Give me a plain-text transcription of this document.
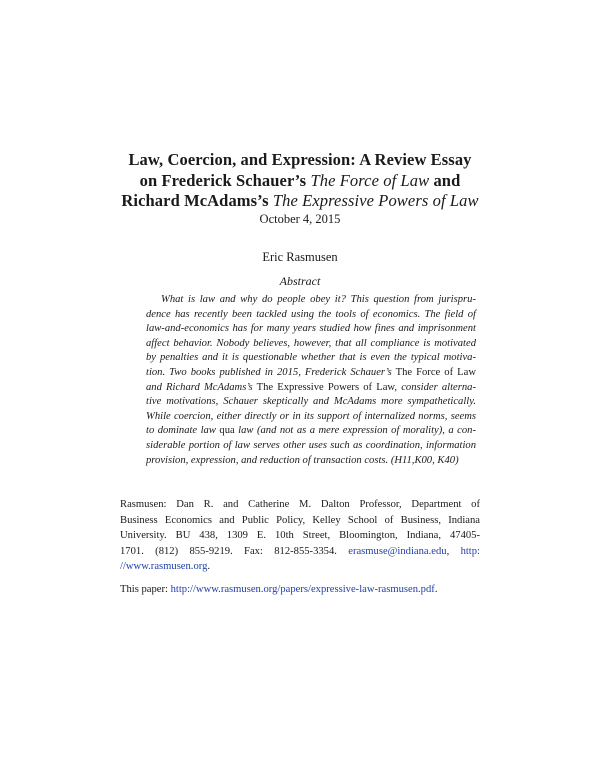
Law, Coercion, and Expression: A Review Essay
on Frederick Schauer’s The Force of Law and
Richard McAdams’s The Expressive Powers of Law
October 4, 2015
Eric Rasmusen
Abstract
What is law and why do people obey it? This question from jurispru-
dence has recently been tackled using the tools of economics. The field of
law-and-economics has for many years studied how fines and imprisonment
affect behavior. Nobody believes, however, that all compliance is motivated
by penalties and it is questionable whether that is even the typical motiva-
tion. Two books published in 2015, Frederick Schauer’s The Force of Law
and Richard McAdams’s The Expressive Powers of Law, consider alterna-
tive motivations, Schauer skeptically and McAdams more sympathetically.
While coercion, either directly or in its support of internalized norms, seems
to dominate law qua law (and not as a mere expression of morality), a con-
siderable portion of law serves other uses such as coordination, information
provision, expression, and reduction of transaction costs. (H11,K00, K40)
Rasmusen: Dan R. and Catherine M. Dalton Professor, Department of
Business Economics and Public Policy, Kelley School of Business, Indiana
University. BU 438, 1309 E. 10th Street, Bloomington, Indiana, 47405-
1701. (812) 855-9219. Fax: 812-855-3354. erasmuse@indiana.edu, http:
//www.rasmusen.org.
This paper: http://www.rasmusen.org/papers/expressive-law-rasmusen.pdf.
